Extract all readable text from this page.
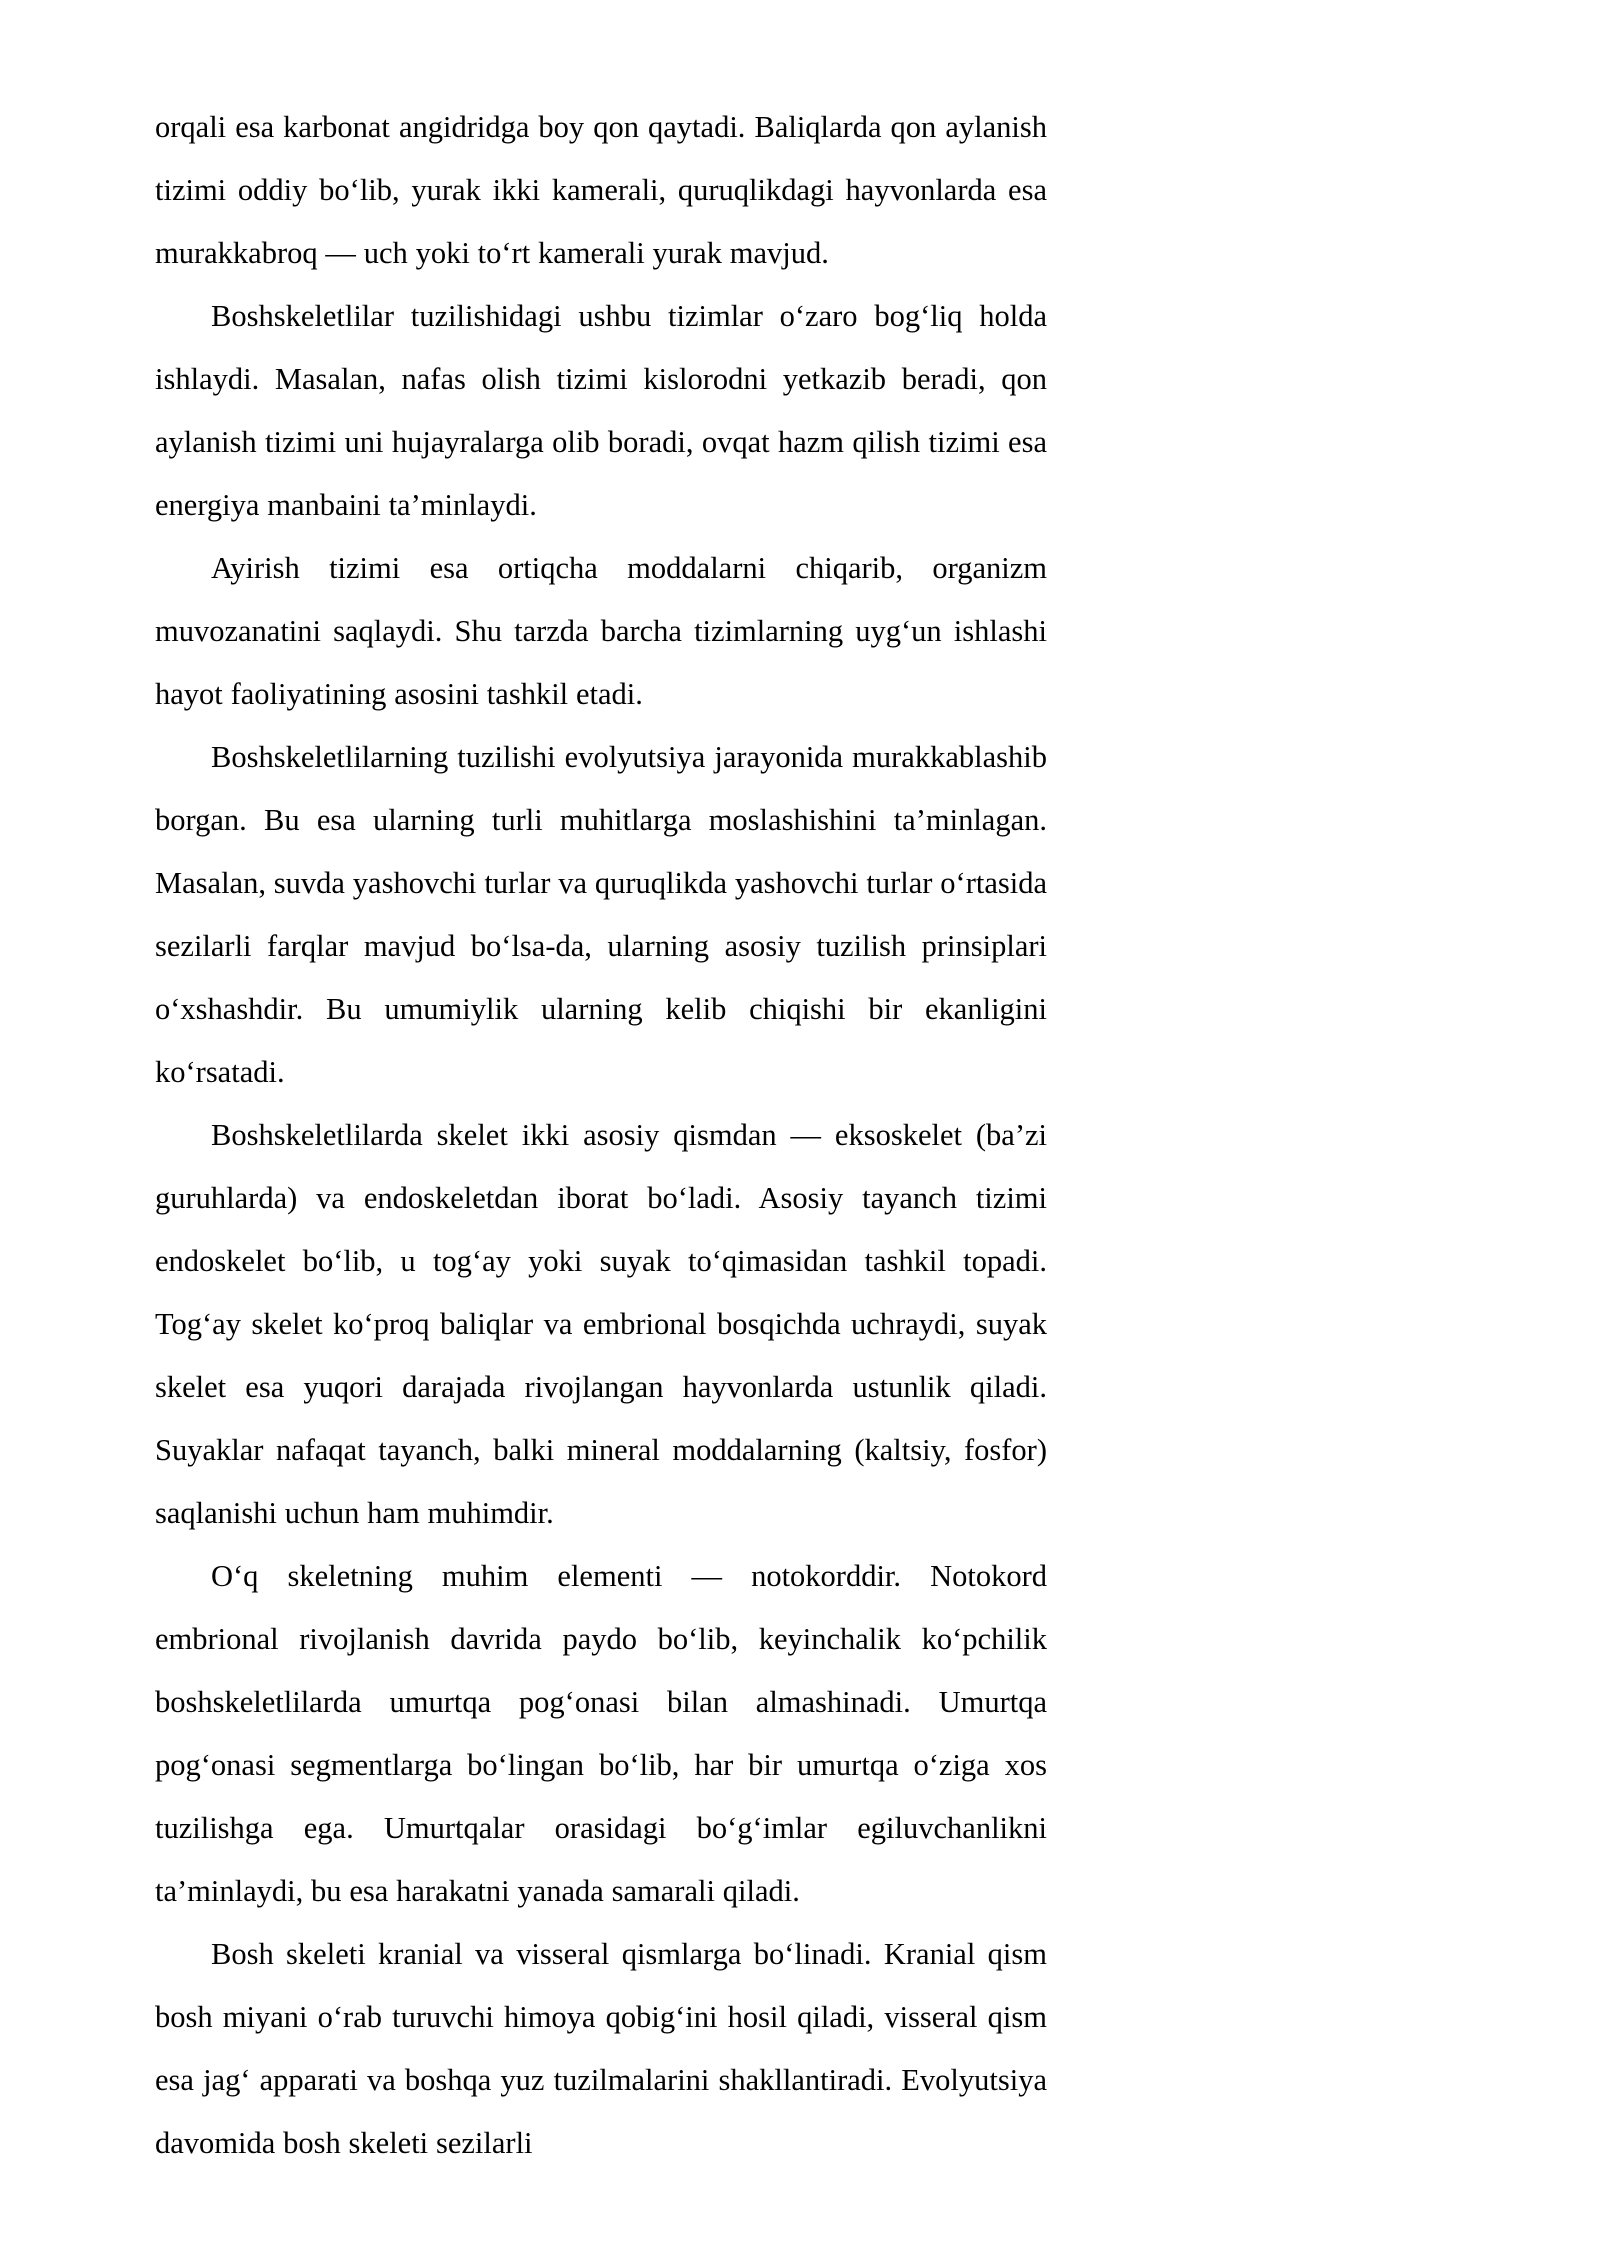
orqali esa karbonat angidridga boy qon qaytadi. Baliqlarda qon aylanish tizimi oddiy bo‘lib, yurak ikki kamerali, quruqlikdagi hayvonlarda esa murakkabroq — uch yoki to‘rt kamerali yurak mavjud.

Boshskeletlilar tuzilishidagi ushbu tizimlar o‘zaro bog‘liq holda ishlaydi. Masalan, nafas olish tizimi kislorodni yetkazib beradi, qon aylanish tizimi uni hujayralarga olib boradi, ovqat hazm qilish tizimi esa energiya manbaini ta’minlaydi.

Ayirish tizimi esa ortiqcha moddalarni chiqarib, organizm muvozanatini saqlaydi. Shu tarzda barcha tizimlarning uyg‘un ishlashi hayot faoliyatining asosini tashkil etadi.

Boshskeletlilarning tuzilishi evolyutsiya jarayonida murakkablashib borgan. Bu esa ularning turli muhitlarga moslashishini ta’minlagan. Masalan, suvda yashovchi turlar va quruqlikda yashovchi turlar o‘rtasida sezilarli farqlar mavjud bo‘lsa-da, ularning asosiy tuzilish prinsiplari o‘xshashdir. Bu umumiylik ularning kelib chiqishi bir ekanligini ko‘rsatadi.

Boshskeletlilarda skelet ikki asosiy qismdan — eksoskelet (ba’zi guruhlarda) va endoskeletdan iborat bo‘ladi. Asosiy tayanch tizimi endoskelet bo‘lib, u tog‘ay yoki suyak to‘qimasidan tashkil topadi. Tog‘ay skelet ko‘proq baliqlar va embrional bosqichda uchraydi, suyak skelet esa yuqori darajada rivojlangan hayvonlarda ustunlik qiladi. Suyaklar nafaqat tayanch, balki mineral moddalarning (kaltsiy, fosfor) saqlanishi uchun ham muhimdir.

O‘q skeletning muhim elementi — notokorddir. Notokord embrional rivojlanish davrida paydo bo‘lib, keyinchalik ko‘pchilik boshskeletlilarda umurtqa pog‘onasi bilan almashinadi. Umurtqa pog‘onasi segmentlarga bo‘lingan bo‘lib, har bir umurtqa o‘ziga xos tuzilishga ega. Umurtqalar orasidagi bo‘g‘imlar egiluvchanlikni ta’minlaydi, bu esa harakatni yanada samarali qiladi.

Bosh skeleti kranial va visseral qismlarga bo‘linadi. Kranial qism bosh miyani o‘rab turuvchi himoya qobig‘ini hosil qiladi, visseral qism esa jag‘ apparati va boshqa yuz tuzilmalarini shakllantiradi. Evolyutsiya davomida bosh skeleti sezilarli
